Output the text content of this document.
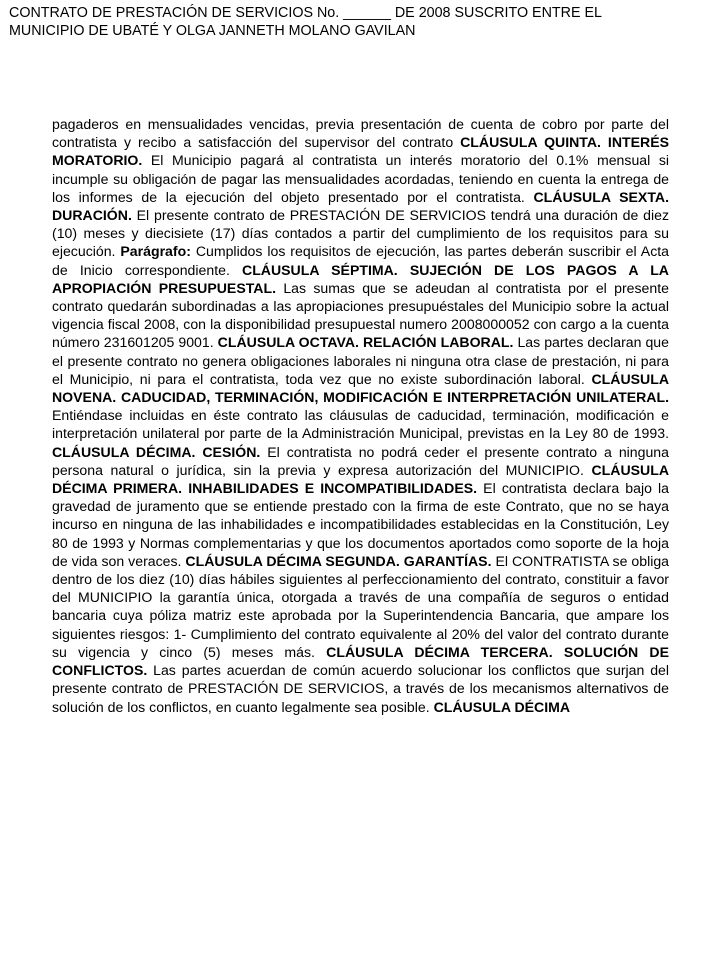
CONTRATO DE PRESTACIÓN DE SERVICIOS No. ______ DE 2008 SUSCRITO ENTRE EL
MUNICIPIO DE UBATÉ Y OLGA JANNETH MOLANO GAVILAN
pagaderos en mensualidades vencidas, previa presentación de cuenta de cobro por parte del contratista y recibo a satisfacción del supervisor del contrato CLÁUSULA QUINTA. INTERÉS MORATORIO. El Municipio pagará al contratista un interés moratorio del 0.1% mensual si incumple su obligación de pagar las mensualidades acordadas, teniendo en cuenta la entrega de los informes de la ejecución del objeto presentado por el contratista. CLÁUSULA SEXTA. DURACIÓN. El presente contrato de PRESTACIÓN DE SERVICIOS tendrá una duración de diez (10) meses y diecisiete (17) días contados a partir del cumplimiento de los requisitos para su ejecución. Parágrafo: Cumplidos los requisitos de ejecución, las partes deberán suscribir el Acta de Inicio correspondiente. CLÁUSULA SÉPTIMA. SUJECIÓN DE LOS PAGOS A LA APROPIACIÓN PRESUPUESTAL. Las sumas que se adeudan al contratista por el presente contrato quedarán subordinadas a las apropiaciones presupuéstales del Municipio sobre la actual vigencia fiscal 2008, con la disponibilidad presupuestal numero 2008000052 con cargo a la cuenta número 231601205 9001. CLÁUSULA OCTAVA. RELACIÓN LABORAL. Las partes declaran que el presente contrato no genera obligaciones laborales ni ninguna otra clase de prestación, ni para el Municipio, ni para el contratista, toda vez que no existe subordinación laboral. CLÁUSULA NOVENA. CADUCIDAD, TERMINACIÓN, MODIFICACIÓN E INTERPRETACIÓN UNILATERAL. Entiéndase incluidas en éste contrato las cláusulas de caducidad, terminación, modificación e interpretación unilateral por parte de la Administración Municipal, previstas en la Ley 80 de 1993. CLÁUSULA DÉCIMA. CESIÓN. El contratista no podrá ceder el presente contrato a ninguna persona natural o jurídica, sin la previa y expresa autorización del MUNICIPIO. CLÁUSULA DÉCIMA PRIMERA. INHABILIDADES E INCOMPATIBILIDADES. El contratista declara bajo la gravedad de juramento que se entiende prestado con la firma de este Contrato, que no se haya incurso en ninguna de las inhabilidades e incompatibilidades establecidas en la Constitución, Ley 80 de 1993 y Normas complementarias y que los documentos aportados como soporte de la hoja de vida son veraces. CLÁUSULA DÉCIMA SEGUNDA. GARANTÍAS. El CONTRATISTA se obliga dentro de los diez (10) días hábiles siguientes al perfeccionamiento del contrato, constituir a favor del MUNICIPIO la garantía única, otorgada a través de una compañía de seguros o entidad bancaria cuya póliza matriz este aprobada por la Superintendencia Bancaria, que ampare los siguientes riesgos: 1- Cumplimiento del contrato equivalente al 20% del valor del contrato durante su vigencia y cinco (5) meses más. CLÁUSULA DÉCIMA TERCERA. SOLUCIÓN DE CONFLICTOS. Las partes acuerdan de común acuerdo solucionar los conflictos que surjan del presente contrato de PRESTACIÓN DE SERVICIOS, a través de los mecanismos alternativos de solución de los conflictos, en cuanto legalmente sea posible. CLÁUSULA DÉCIMA
